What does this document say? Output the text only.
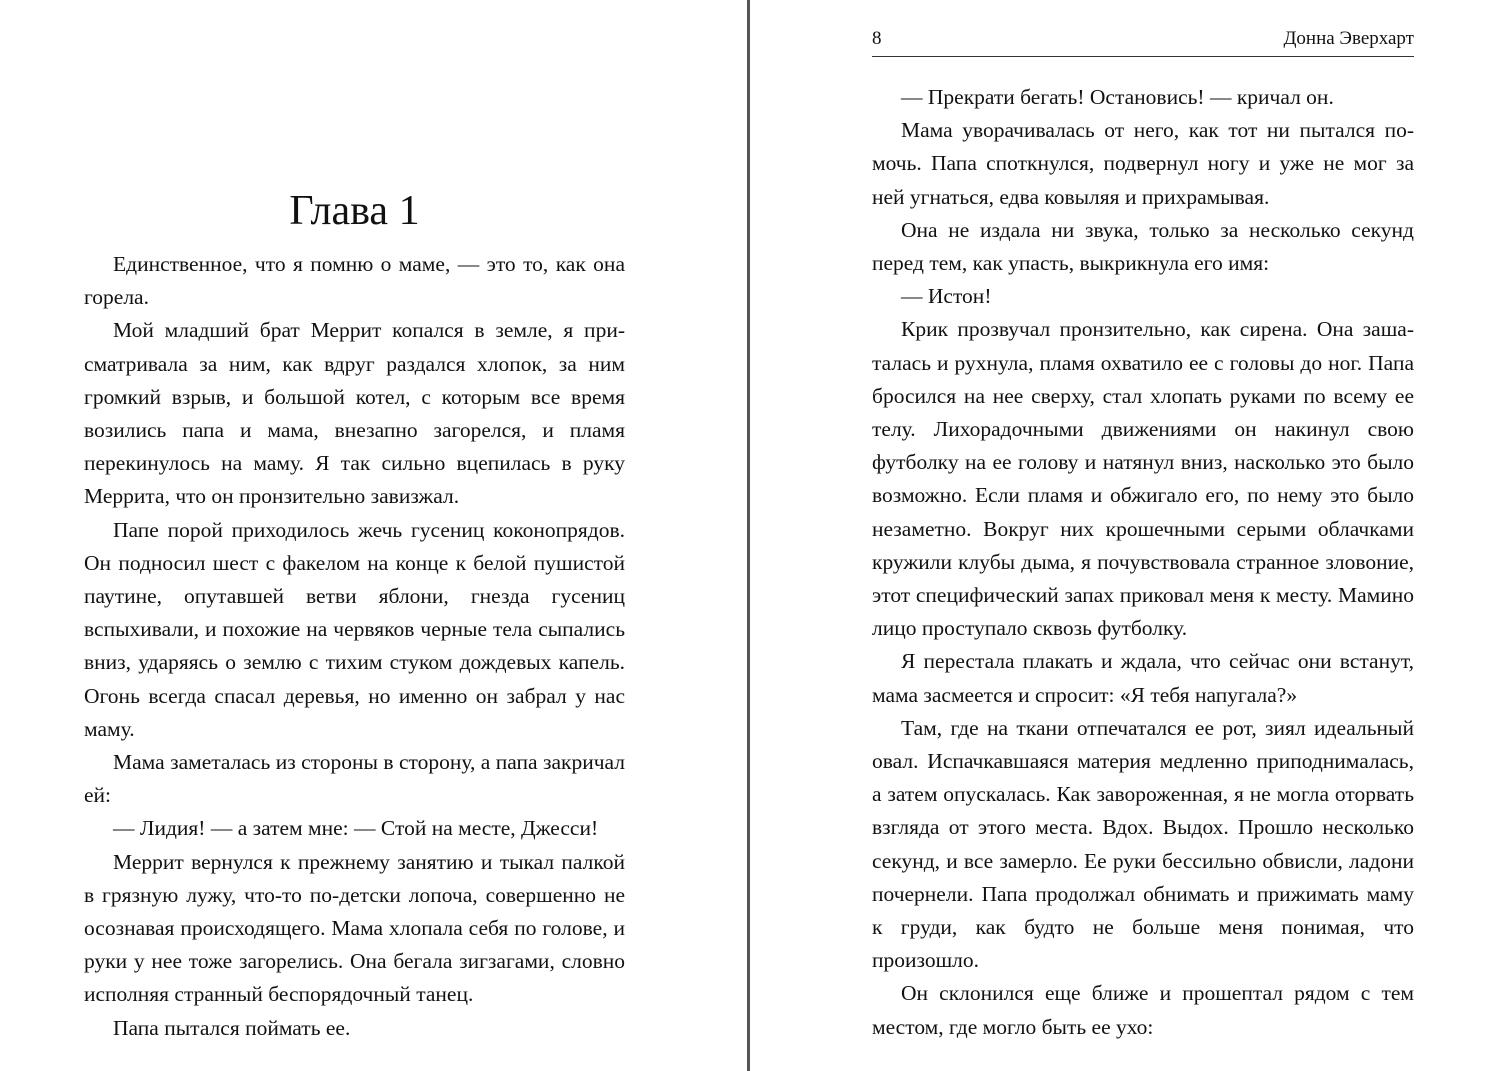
Глава 1

Единственное, что я помню о маме, — это то, как она горела.

Мой младший брат Меррит копался в земле, я присматривала за ним, как вдруг раздался хлопок, за ним громкий взрыв, и большой котел, с которым все время возились папа и мама, внезапно загорелся, и пламя перекинулось на маму. Я так сильно вцепилась в руку Меррита, что он пронзительно завизжал.

Папе порой приходилось жечь гусениц коконопрядов. Он подносил шест с факелом на конце к белой пушистой паутине, опутавшей ветви яблони, гнезда гусениц вспыхивали, и похожие на червяков черные тела сыпались вниз, ударяясь о землю с тихим стуком дождевых капель. Огонь всегда спасал деревья, но именно он забрал у нас маму.

Мама заметалась из стороны в сторону, а папа закричал ей:

— Лидия! — а затем мне: — Стой на месте, Джесси!

Меррит вернулся к прежнему занятию и тыкал палкой в грязную лужу, что-то по-детски лопоча, совершенно не осознавая происходящего. Мама хлопала себя по голове, и руки у нее тоже загорелись. Она бегала зигзагами, словно исполняя странный беспорядочный танец.

Папа пытался поймать ее.

8	Донна Эверхарт

— Прекрати бегать! Остановись! — кричал он.

Мама уворачивалась от него, как тот ни пытался помочь. Папа споткнулся, подвернул ногу и уже не мог за ней угнаться, едва ковыляя и прихрамывая.

Она не издала ни звука, только за несколько секунд перед тем, как упасть, выкрикнула его имя:

— Истон!

Крик прозвучал пронзительно, как сирена. Она зашаталась и рухнула, пламя охватило ее с головы до ног. Папа бросился на нее сверху, стал хлопать руками по всему ее телу. Лихорадочными движениями он накинул свою футболку на ее голову и натянул вниз, насколько это было возможно. Если пламя и обжигало его, по нему это было незаметно. Вокруг них крошечными серыми облачками кружили клубы дыма, я почувствовала странное зловоние, этот специфический запах приковал меня к месту. Мамино лицо проступало сквозь футболку.

Я перестала плакать и ждала, что сейчас они встанут, мама засмеется и спросит: «Я тебя напугала?»

Там, где на ткани отпечатался ее рот, зиял идеальный овал. Испачкавшаяся материя медленно приподнималась, а затем опускалась. Как завороженная, я не могла оторвать взгляда от этого места. Вдох. Выдох. Прошло несколько секунд, и все замерло. Ее руки бессильно обвисли, ладони почернели. Папа продолжал обнимать и прижимать маму к груди, как будто не больше меня понимая, что произошло.

Он склонился еще ближе и прошептал рядом с тем местом, где могло быть ее ухо:
